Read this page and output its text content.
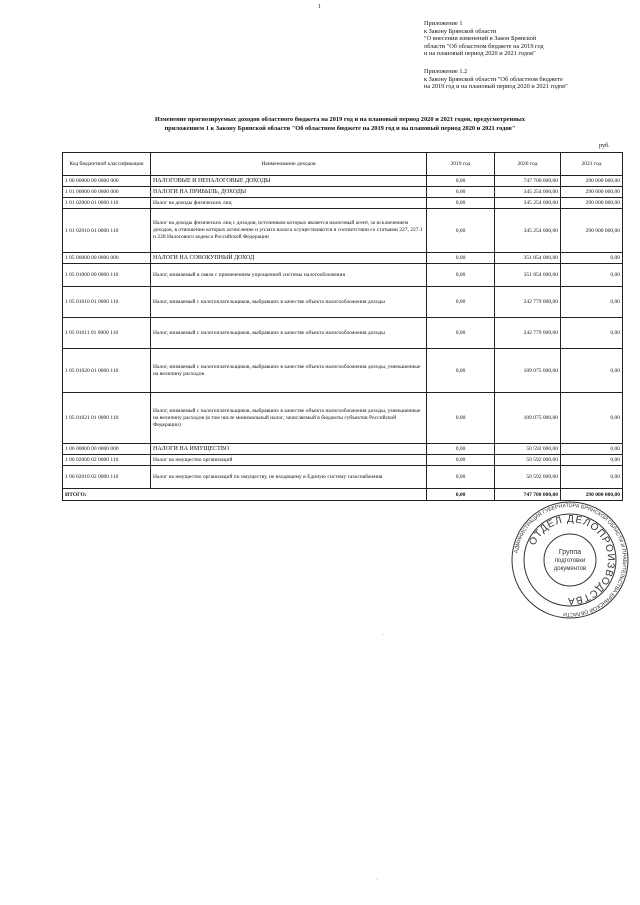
1
Приложение 1
к Закону Брянской области
"О внесении изменений в Закон Брянской
области "Об областном бюджете на 2019 год
и на плановый период 2020 и 2021 годов"
Приложение 1.2
к Закону Брянской области "Об областном бюджете
на 2019 год и на плановый период 2020 и 2021 годов"
Изменение прогнозируемых доходов областного бюджета на 2019 год и на плановый период 2020 и 2021 годов, предусмотренных
приложением 1 к Закону Брянской области "Об областном бюджете на 2019 год и на плановый период 2020 и 2021 годов"
руб.
Код бюджетной классификации	Наименование доходов	2019 год	2020 год	2021 год
1 00 00000 00 0000 000	НАЛОГОВЫЕ И НЕНАЛОГОВЫЕ ДОХОДЫ	0,00	747 700 000,00	290 000 000,00
1 01 00000 00 0000 000	НАЛОГИ НА ПРИБЫЛЬ, ДОХОДЫ	0,00	345 254 000,00	290 000 000,00
1 01 02000 01 0000 110	Налог на доходы физических лиц	0,00	345 254 000,00	290 000 000,00
1 01 02010 01 0000 110	Налог на доходы физических лиц с доходов, источником которых является налоговый агент, за исключением доходов, в отношении которых исчисление и уплата налога осуществляются в соответствии со статьями 227, 227.1 и 228 Налогового кодекса Российской Федерации	0,00	345 254 000,00	290 000 000,00
1 05 00000 00 0000 000	НАЛОГИ НА СОВОКУПНЫЙ ДОХОД	0,00	351 854 000,00	0,00
1 05 01000 00 0000 110	Налог, взимаемый в связи с применением упрощенной системы налогообложения	0,00	351 854 000,00	0,00
1 05 01010 01 0000 110	Налог, взимаемый с налогоплательщиков, выбравших в качестве объекта налогообложения доходы	0,00	242 779 000,00	0,00
1 05 01011 01 0000 110	Налог, взимаемый с налогоплательщиков, выбравших в качестве объекта налогообложения доходы	0,00	242 779 000,00	0,00
1 05 01020 01 0000 110	Налог, взимаемый с налогоплательщиков, выбравших в качестве объекта налогообложения доходы, уменьшенные на величину расходов	0,00	109 075 000,00	0,00
1 05 01021 01 0000 110	Налог, взимаемый с налогоплательщиков, выбравших в качестве объекта налогообложения доходы, уменьшенные на величину расходов (в том числе минимальный налог, зачисляемый в бюджеты субъектов Российской Федерации)	0,00	109 075 000,00	0,00
1 06 00000 00 0000 000	НАЛОГИ НА ИМУЩЕСТВО	0,00	50 592 000,00	0,00
1 06 02000 02 0000 110	Налог на имущество организаций	0,00	50 592 000,00	0,00
1 06 02010 02 0000 110	Налог на имущество организаций по имуществу, не входящему в Единую систему газоснабжения	0,00	50 592 000,00	0,00
ИТОГО:		0,00	747 700 000,00	290 000 000,00
АДМИНИСТРАЦИЯ ГУБЕРНАТОРА БРЯНСКОЙ ОБЛАСТИ И ПРАВИТЕЛЬСТВА БРЯНСКОЙ ОБЛАСТИ
ОТДЕЛ ДЕЛОПРОИЗВОДСТВА
Группа
подготовки
документов
·
·
